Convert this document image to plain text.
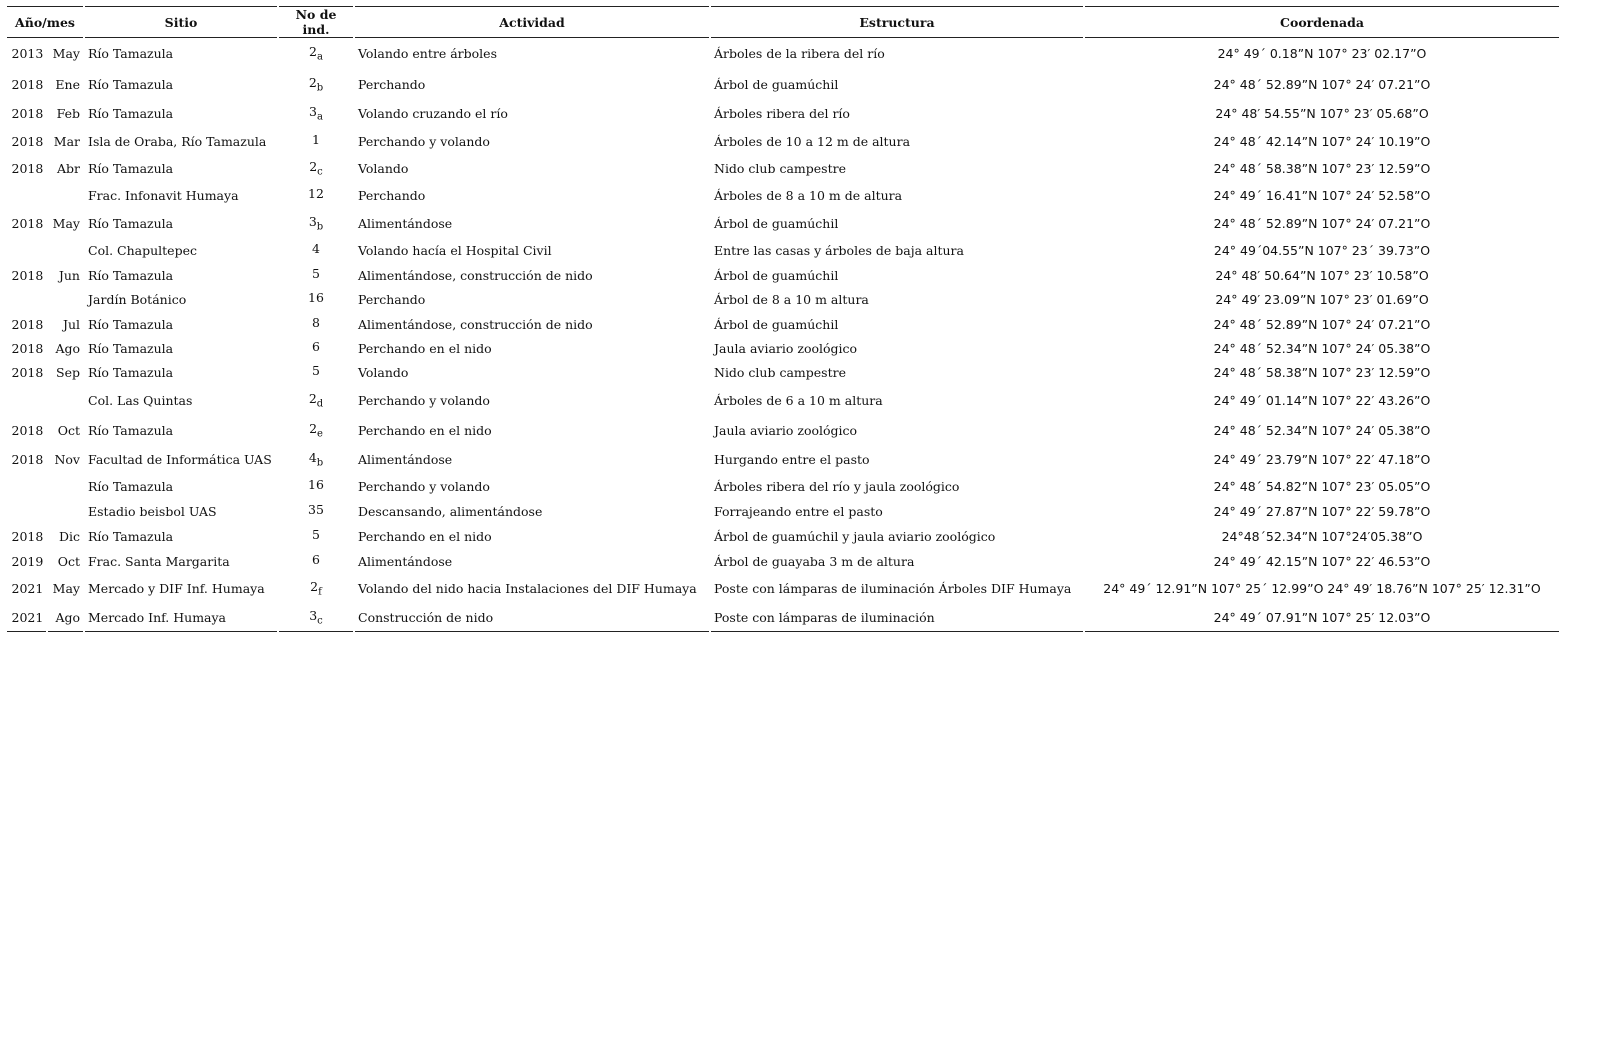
Año/mes		Sitio	No de ind.	Actividad	Estructura	Coordenada
2013	May	Río Tamazula	$2_a$	Volando entre árboles	Árboles de la ribera del río	24° 49´ 0.18”N 107° 23′ 02.17”O
2018	Ene	Río Tamazula	$2_b$	Perchando	Árbol de guamúchil	24° 48´ 52.89”N 107° 24′ 07.21”O
2018	Feb	Río Tamazula	$3_a$	Volando cruzando el río	Árboles ribera del río	24° 48′ 54.55”N 107° 23′ 05.68”O
2018	Mar	Isla de Oraba, Río Tamazula	1	Perchando y volando	Árboles de 10 a 12 m de altura	24° 48´ 42.14”N 107° 24′ 10.19”O
2018	Abr	Río Tamazula	$2_c$	Volando	Nido club campestre	24° 48´ 58.38”N 107° 23′ 12.59”O
		Frac. Infonavit Humaya	12	Perchando	Árboles de 8 a 10 m de altura	24° 49´ 16.41”N 107° 24′ 52.58”O
2018	May	Río Tamazula	$3_b$	Alimentándose	Árbol de guamúchil	24° 48´ 52.89”N 107° 24′ 07.21”O
		Col. Chapultepec	4	Volando hacía el Hospital Civil	Entre las casas y árboles de baja altura	24° 49´04.55”N 107° 23´ 39.73”O
2018	Jun	Río Tamazula	5	Alimentándose, construcción de nido	Árbol de guamúchil	24° 48′ 50.64”N 107° 23′ 10.58”O
		Jardín Botánico	16	Perchando	Árbol de 8 a 10 m altura	24° 49′ 23.09”N 107° 23′ 01.69”O
2018	Jul	Río Tamazula	8	Alimentándose, construcción de nido	Árbol de guamúchil	24° 48´ 52.89”N 107° 24′ 07.21”O
2018	Ago	Río Tamazula	6	Perchando en el nido	Jaula aviario zoológico	24° 48´ 52.34”N 107° 24′ 05.38”O
2018	Sep	Río Tamazula	5	Volando	Nido club campestre	24° 48´ 58.38”N 107° 23′ 12.59”O
		Col. Las Quintas	$2_d$	Perchando y volando	Árboles de 6 a 10 m altura	24° 49´ 01.14”N 107° 22′ 43.26”O
2018	Oct	Río Tamazula	$2_e$	Perchando en el nido	Jaula aviario zoológico	24° 48´ 52.34”N 107° 24′ 05.38”O
2018	Nov	Facultad de Informática UAS	$4_b$	Alimentándose	Hurgando entre el pasto	24° 49´ 23.79”N 107° 22′ 47.18”O
		Río Tamazula	16	Perchando y volando	Árboles ribera del río y jaula zoológico	24° 48´ 54.82”N 107° 23′ 05.05”O
		Estadio beisbol UAS	35	Descansando, alimentándose	Forrajeando entre el pasto	24° 49´ 27.87”N 107° 22′ 59.78”O
2018	Dic	Río Tamazula	5	Perchando en el nido	Árbol de guamúchil y jaula aviario zoológico	24°48´52.34”N 107°24′05.38”O
2019	Oct	Frac. Santa Margarita	6	Alimentándose	Árbol de guayaba 3 m de altura	24° 49´ 42.15”N 107° 22′ 46.53”O
2021	May	Mercado y DIF Inf. Humaya	$2_f$	Volando del nido hacia Instalaciones del DIF Humaya	Poste con lámparas de iluminación Árboles DIF Humaya	24° 49´ 12.91”N 107° 25´ 12.99”O 24° 49′ 18.76”N 107° 25′ 12.31”O
2021	Ago	Mercado Inf. Humaya	$3_c$	Construcción de nido	Poste con lámparas de iluminación	24° 49´ 07.91”N 107° 25′ 12.03”O
